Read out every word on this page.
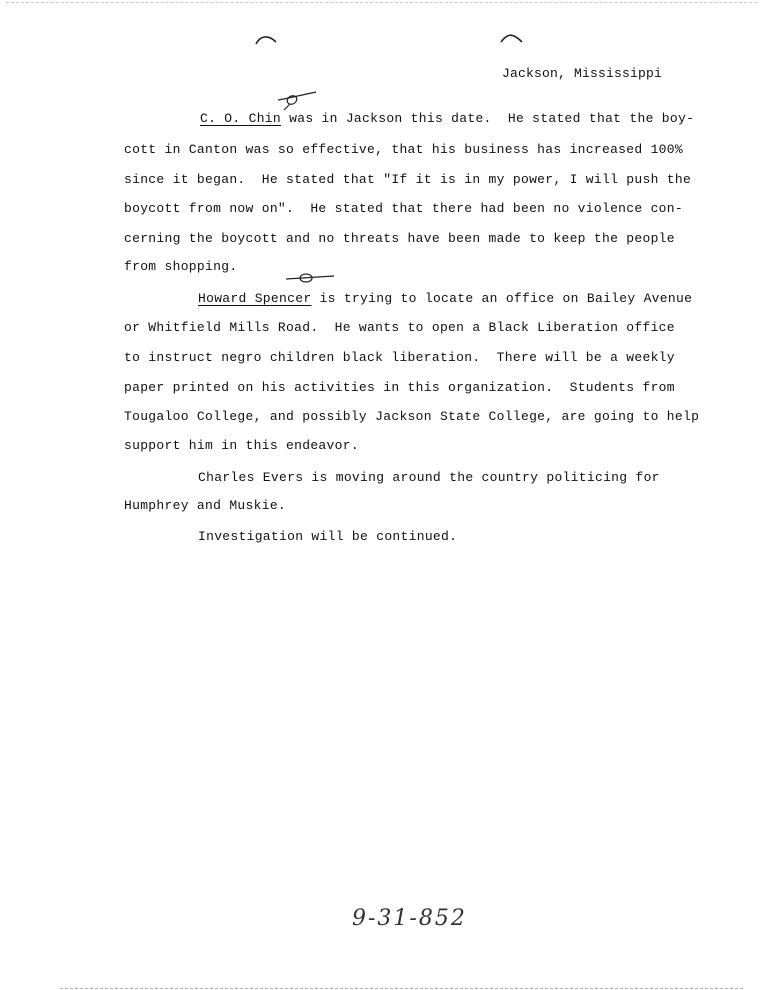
Jackson, Mississippi
C. O. Chin was in Jackson this date.  He stated that the boy-
cott in Canton was so effective, that his business has increased 100%
since it began.  He stated that "If it is in my power, I will push the
boycott from now on".  He stated that there had been no violence con-
cerning the boycott and no threats have been made to keep the people
from shopping.
Howard Spencer is trying to locate an office on Bailey Avenue
or Whitfield Mills Road.  He wants to open a Black Liberation office
to instruct negro children black liberation.  There will be a weekly
paper printed on his activities in this organization.  Students from
Tougaloo College, and possibly Jackson State College, are going to help
support him in this endeavor.
Charles Evers is moving around the country politicing for
Humphrey and Muskie.
Investigation will be continued.
9-31-852
